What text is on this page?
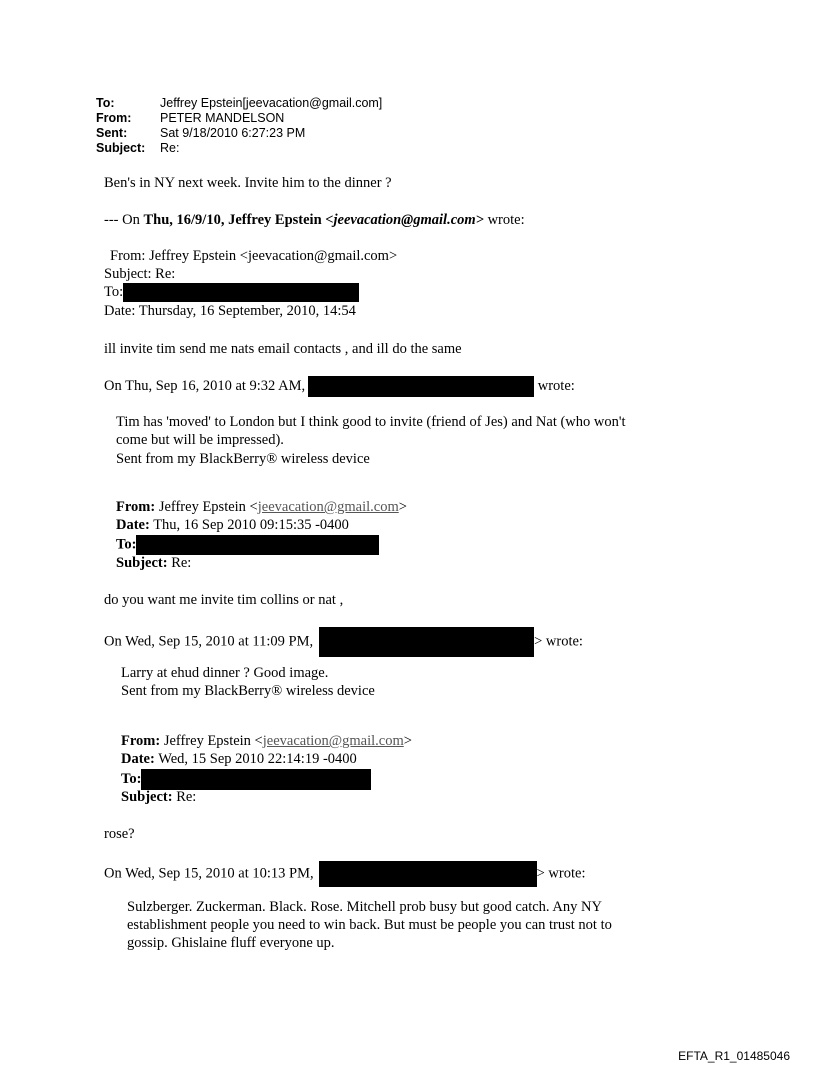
To:	Jeffrey Epstein[jeevacation@gmail.com]
From:	PETER MANDELSON
Sent:	Sat 9/18/2010 6:27:23 PM
Subject:	Re:
Ben's in NY next week. Invite him to the dinner ?
--- On Thu, 16/9/10, Jeffrey Epstein <jeevacation@gmail.com> wrote:
From: Jeffrey Epstein <jeevacation@gmail.com>
Subject: Re:
To:
Date: Thursday, 16 September, 2010, 14:54
ill invite tim send me nats email contacts , and ill do the same
On Thu, Sep 16, 2010 at 9:32 AM,	wrote:
Tim has 'moved' to London but I think good to invite (friend of Jes) and Nat (who won't
come but will be impressed).
Sent from my BlackBerry® wireless device
From: Jeffrey Epstein <jeevacation@gmail.com>
Date: Thu, 16 Sep 2010 09:15:35 -0400
To:
Subject: Re:
do you want me invite tim collins or nat ,
On Wed, Sep 15, 2010 at 11:09 PM,	> wrote:
Larry at ehud dinner ? Good image.
Sent from my BlackBerry® wireless device
From: Jeffrey Epstein <jeevacation@gmail.com>
Date: Wed, 15 Sep 2010 22:14:19 -0400
To:
Subject: Re:
rose?
On Wed, Sep 15, 2010 at 10:13 PM,	> wrote:
Sulzberger. Zuckerman. Black. Rose. Mitchell prob busy but good catch. Any NY
establishment people you need to win back. But must be people you can trust not to
gossip. Ghislaine fluff everyone up.
EFTA_R1_01485046
